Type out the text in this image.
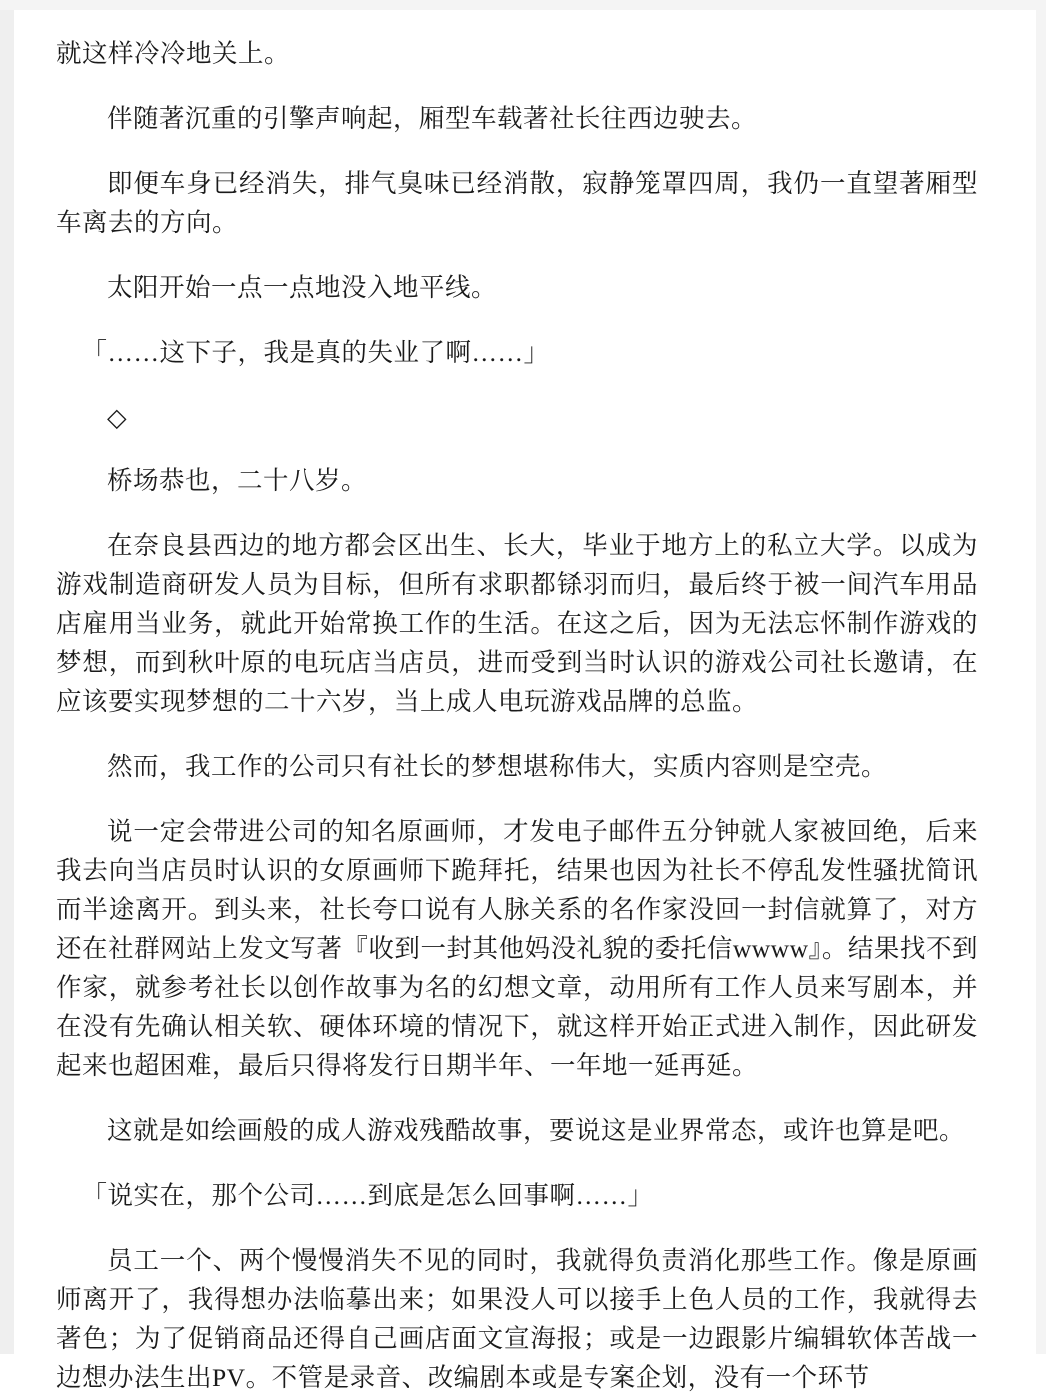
就这样冷冷地关上。

伴随著沉重的引擎声响起，厢型车载著社长往西边驶去。

即便车身已经消失，排气臭味已经消散，寂静笼罩四周，我仍一直望著厢型车离去的方向。

太阳开始一点一点地没入地平线。

「……这下子，我是真的失业了啊……」

◇

桥场恭也，二十八岁。

在奈良县西边的地方都会区出生、长大，毕业于地方上的私立大学。以成为游戏制造商研发人员为目标，但所有求职都铩羽而归，最后终于被一间汽车用品店雇用当业务，就此开始常换工作的生活。在这之后，因为无法忘怀制作游戏的梦想，而到秋叶原的电玩店当店员，进而受到当时认识的游戏公司社长邀请，在应该要实现梦想的二十六岁，当上成人电玩游戏品牌的总监。

然而，我工作的公司只有社长的梦想堪称伟大，实质内容则是空壳。

说一定会带进公司的知名原画师，才发电子邮件五分钟就人家被回绝，后来我去向当店员时认识的女原画师下跪拜托，结果也因为社长不停乱发性骚扰简讯而半途离开。到头来，社长夸口说有人脉关系的名作家没回一封信就算了，对方还在社群网站上发文写著『收到一封其他妈没礼貌的委托信wwww』。结果找不到作家，就参考社长以创作故事为名的幻想文章，动用所有工作人员来写剧本，并在没有先确认相关软、硬体环境的情况下，就这样开始正式进入制作，因此研发起来也超困难，最后只得将发行日期半年、一年地一延再延。

这就是如绘画般的成人游戏残酷故事，要说这是业界常态，或许也算是吧。

「说实在，那个公司……到底是怎么回事啊……」

员工一个、两个慢慢消失不见的同时，我就得负责消化那些工作。像是原画师离开了，我得想办法临摹出来；如果没人可以接手上色人员的工作，我就得去著色；为了促销商品还得自己画店面文宣海报；或是一边跟影片编辑软体苦战一边想办法生出PV。不管是录音、改编剧本或是专案企划，没有一个环节
